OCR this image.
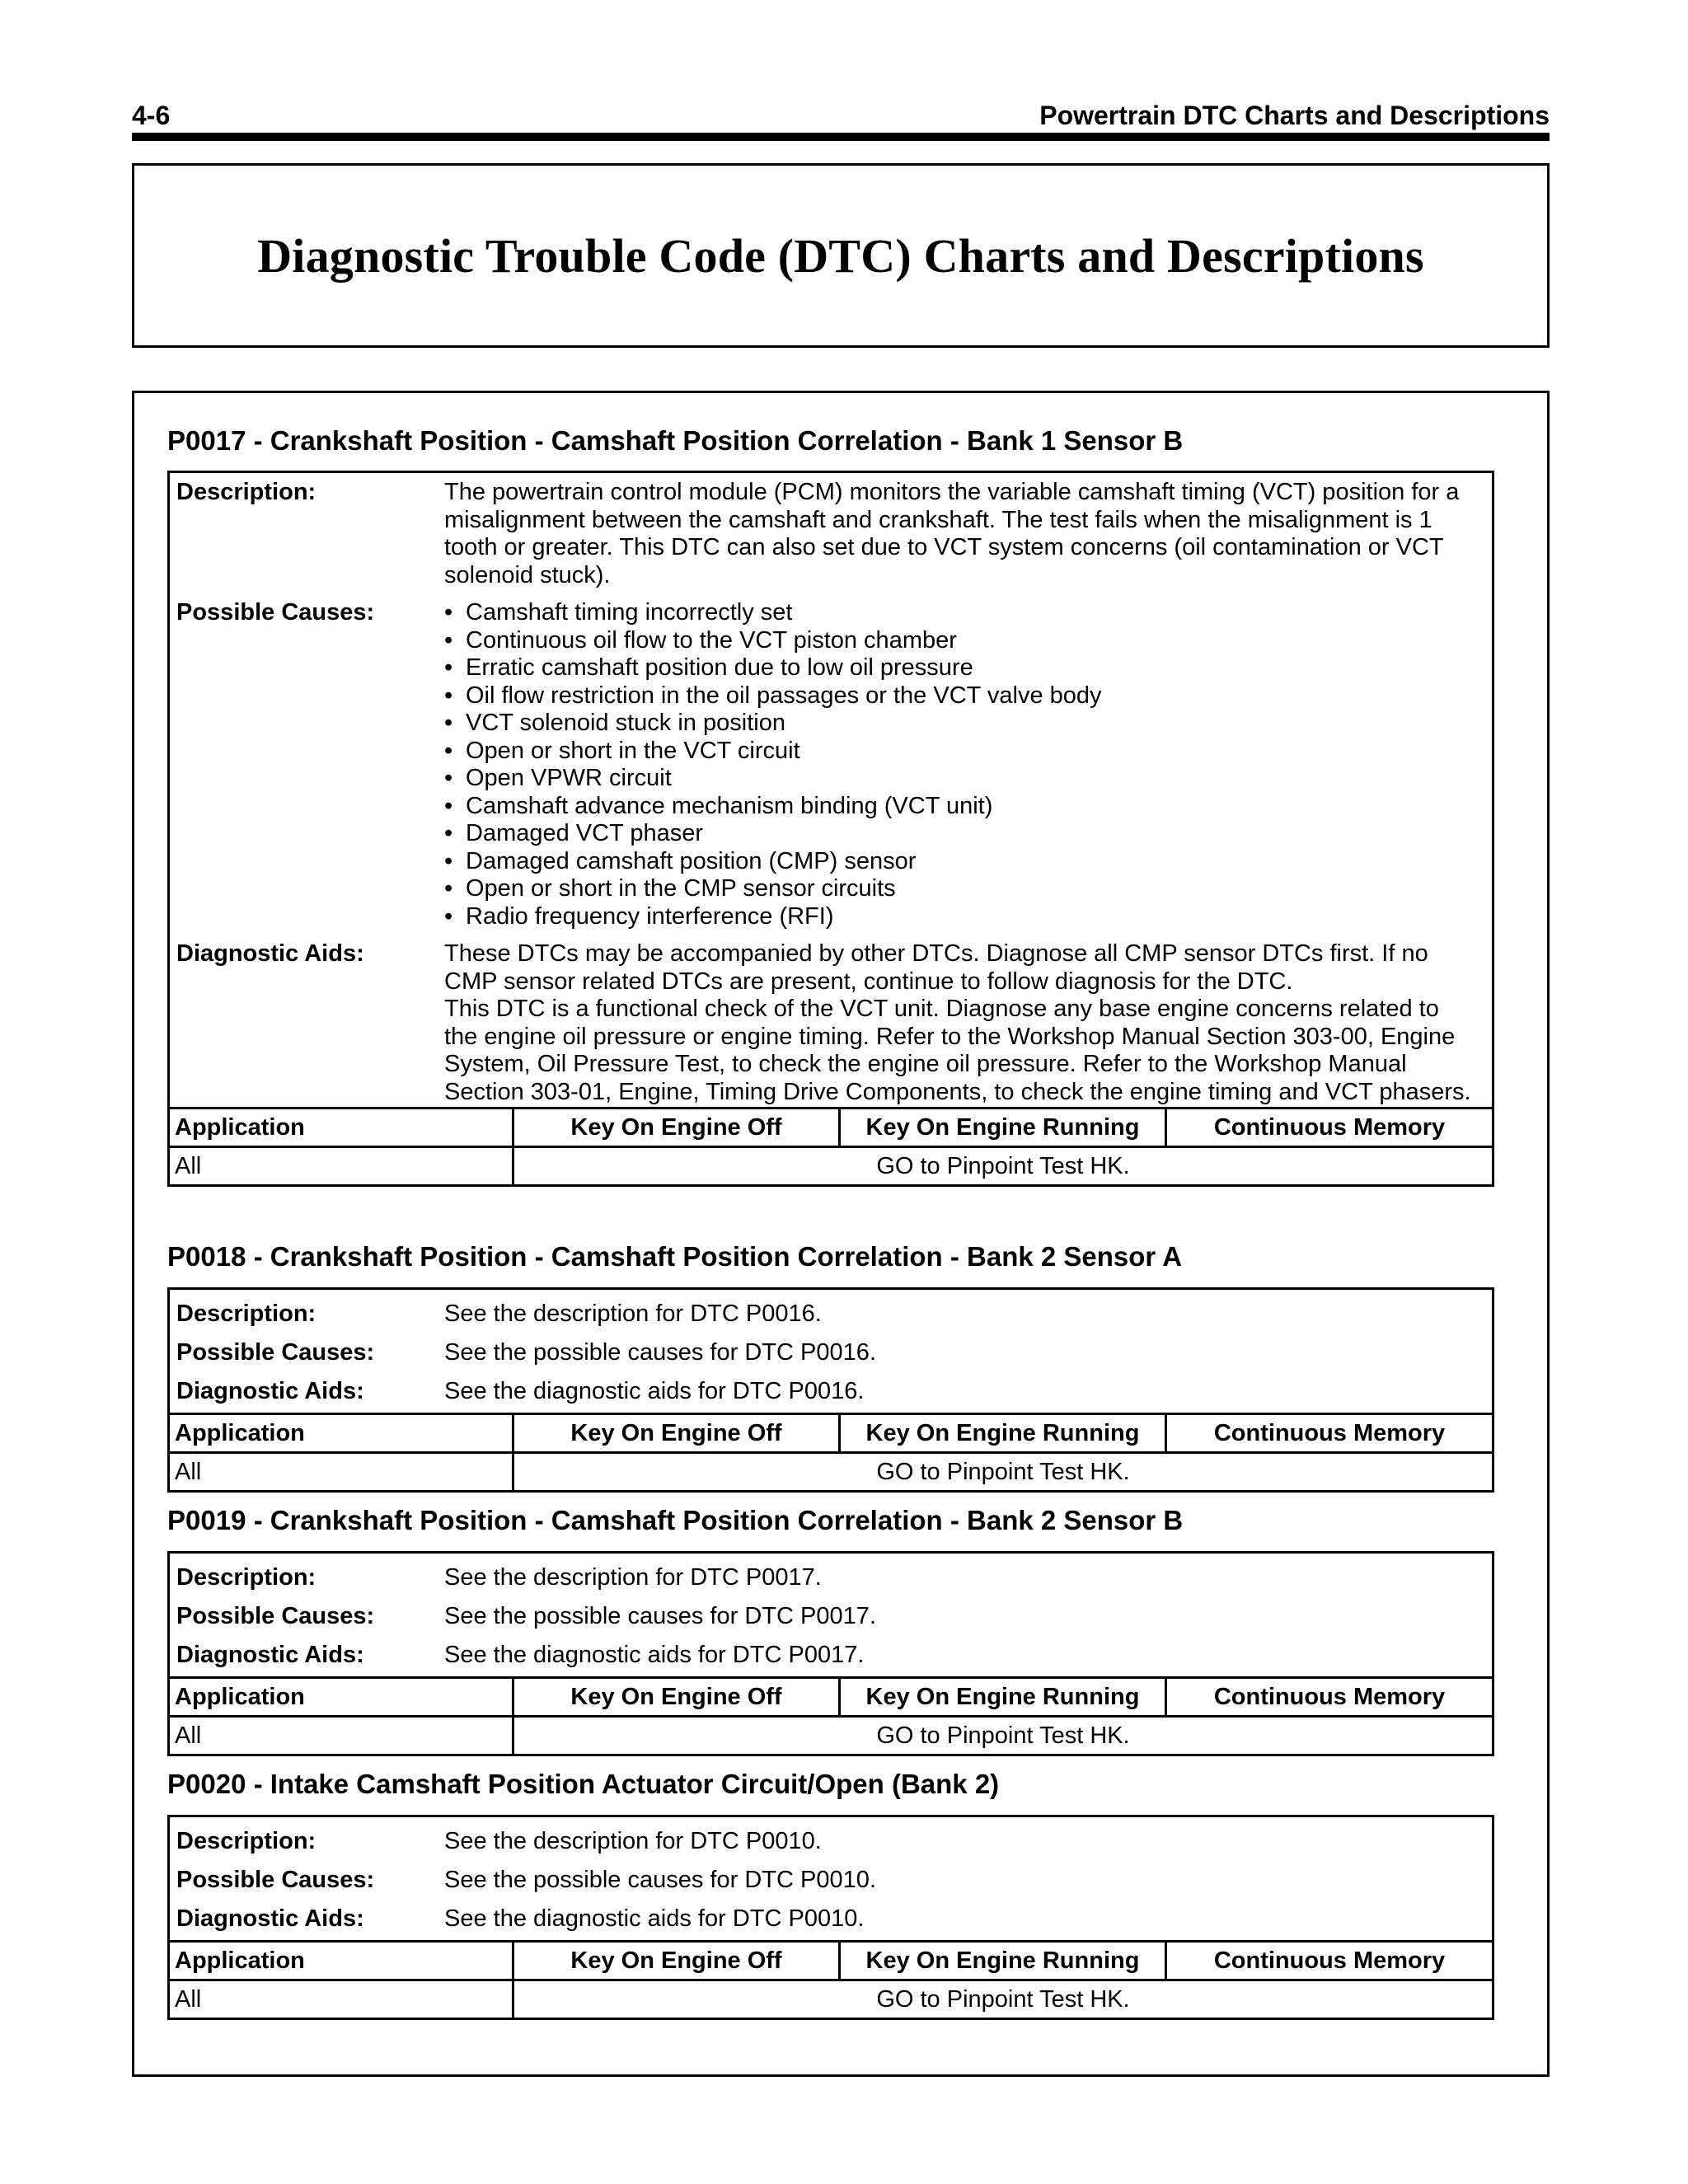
4-6	Powertrain DTC Charts and Descriptions
Diagnostic Trouble Code (DTC) Charts and Descriptions
P0017 - Crankshaft Position - Camshaft Position Correlation - Bank 1 Sensor B
Description:	The powertrain control module (PCM) monitors the variable camshaft timing (VCT) position for a misalignment between the camshaft and crankshaft. The test fails when the misalignment is 1 tooth or greater. This DTC can also set due to VCT system concerns (oil contamination or VCT solenoid stuck).

Possible Causes:
•	Camshaft timing incorrectly set
• Continuous oil flow to the VCT piston chamber
• Erratic camshaft position due to low oil pressure
• Oil flow restriction in the oil passages or the VCT valve body
• VCT solenoid stuck in position
• Open or short in the VCT circuit
• Open VPWR circuit
• Camshaft advance mechanism binding (VCT unit)
• Damaged VCT phaser
• Damaged camshaft position (CMP) sensor
• Open or short in the CMP sensor circuits
• Radio frequency interference (RFI)
Diagnostic Aids:	These DTCs may be accompanied by other DTCs. Diagnose all CMP sensor DTCs first. If no CMP sensor related DTCs are present, continue to follow diagnosis for the DTC.

This DTC is a functional check of the VCT unit. Diagnose any base engine concerns related to the engine oil pressure or engine timing. Refer to the Workshop Manual Section 303-00, Engine System, Oil Pressure Test, to check the engine oil pressure. Refer to the Workshop Manual Section 303-01, Engine, Timing Drive Components, to check the engine timing and VCT phasers.

Application	Key On Engine Off	Key On Engine Running	Continuous Memory
All	GO to Pinpoint Test HK.
P0018 - Crankshaft Position - Camshaft Position Correlation - Bank 2 Sensor A
Description:	See the description for DTC P0016.
Possible Causes:	See the possible causes for DTC P0016.
Diagnostic Aids:	See the diagnostic aids for DTC P0016.
Application	Key On Engine Off	Key On Engine Running	Continuous Memory
All	GO to Pinpoint Test HK.
P0019 - Crankshaft Position - Camshaft Position Correlation - Bank 2 Sensor B
Description:	See the description for DTC P0017.
Possible Causes:	See the possible causes for DTC P0017.
Diagnostic Aids:	See the diagnostic aids for DTC P0017.
Application	Key On Engine Off	Key On Engine Running	Continuous Memory
All	GO to Pinpoint Test HK.
P0020 - Intake Camshaft Position Actuator Circuit/Open (Bank 2)
Description:	See the description for DTC P0010.
Possible Causes:	See the possible causes for DTC P0010.
Diagnostic Aids:	See the diagnostic aids for DTC P0010.
Application	Key On Engine Off	Key On Engine Running	Continuous Memory
All	GO to Pinpoint Test HK.
